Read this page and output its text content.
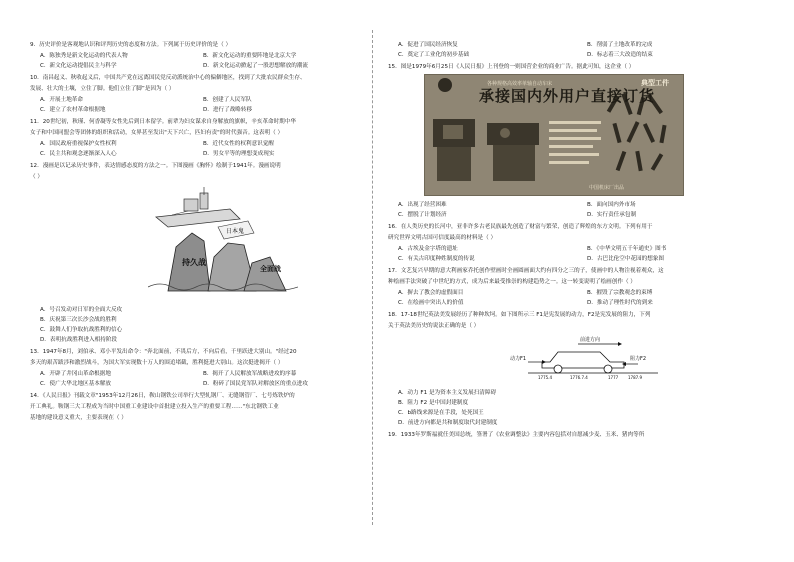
9．历史评价是客观地认识和评判历史的态度和方法。下列属于历史评价的是（ ）
A．陈独秀是新文化运动的代表人物	B．新文化运动的重要阵地是北京大学
C．新文化运动提倡民主与科学	D．新文化运动掀起了一股思想解放的潮流
10．南昌起义、秋收起义后，中国共产党在远离国民党反动派统治中心的偏僻地区，找到了大批农民群众生存、
发展、壮大的土壤，立住了脚。他们立住了脚”是因为（ ）
A．开展土地革命	B．创建了人民军队
C．建立了农村革命根据地	D．进行了战略转移
11．20世纪初，秋瑾、何香凝等女性先后到日本留学。前辈为妇女谋求自身解放的旗帜，辛亥革命时期中华
女子和中国同盟会等团体的组织和活动，女界甚至发出"天下兴亡，匹妇有责"的时代强音。这表明（ ）
A．国民政府重视保护女性权利	B．近代女性的权利意识觉醒
C．民主共和观念逐渐深入人心	D．男女平等的理想变成现实
12．漫画是以记录历史事件，表达情感态度的方法之一。下图漫画《胸怀》绘制于1941年。漫画说明
（ ）
日本鬼
持久战
全面战
A．号召发动对日军的全面大反攻
B．庆祝第三次长沙会战的胜利
C．鼓舞人们争取抗战胜利的信心
D．表明抗战胜利进入相持阶段
13．1947年8月，刘伯承、邓小平发出命令："奔北面前，不畏后方，不向后看，千里跃进大别山。"经过20
多天的艰苦跋涉和激烈战斗，为国大军实现数十万人的围追堵截，胜利挺进大别山。这次挺进揭开（ ）
A．开辟了井冈山革命根据地	B．揭开了人民解放军战略进攻的序幕
C．使广大华北地区基本解放	D．粉碎了国民党军队对解放区的重点进攻
14．《人民日报》刊载文章"1953年12月26日，鞍山钢铁公司举行大型轧钢厂、无缝钢管厂、七号炼铁炉的
开工典礼。鞍钢三大工程成为当时中国重工业建设中首批建立投入生产的重要工程……"东北钢铁工业
基地的建设意义重大，主要表现在（ ）
A．促进了国民经济恢复	B．削弱了土地改革的完成
C．奠定了工业化的初步基础	D．标志着三大改造的结束
15．图是1979年6月25日《人民日报》上刊登的一则国营企业的商业广告。据此可知，这企业（ ）
各种规格高效率单轴自动车床	典型工件
承接国内外用户直接订货
中国机床厂出品
A．出现了经营困难	B．面向国内外市场
C．摆脱了计划经济	D．实行责任承包制
16．在人类历史的长河中，亚非许多古老民族最先创造了财富与繁荣，创造了辉煌的东方文明。下列有用于
研究世界文明古国可信度最高的材料是（ ）
A．古埃及金字塔的遗址	B．《中华文明五千年通史》图书
C．有关古印度种姓制度的传说	D．古巴比伦空中花园的想象图
17．文艺复兴早期的意大利画家乔托创作壁画时全画圆画面大约有四分之三的子，使画中的人物注视着观众，这
种绘画手法突破了中世纪的方式，成为后来最受推崇的构建趋势之一。这一转变说明了绘画创作（ ）
A．摒去了教会的虚假面目	B．摧毁了宗教观念的束缚
C．在绘画中突出人的价值	D．推动了理性时代的到来
18．17-18世纪英法美发展经历了种种坎坷。如下图所示三 F1是宪发展的动力，F2是宪发展的阻力，下列
关于英法美历史的说法正确的是（ ）
前进方向
动力F1	阻力F2
1775.4	1776.7.4	1777 1787.9
A．动力 F1 是为资本主义发展扫清障碍
B．阻力 F2 是中国封建制度
C．b路线来源是在手段，处死国王
D．前进方向都是共和制度取代封建制度
19．1933年罗斯福就任美国总统，签署了《农业调整法》主要内容包括对自愿减少麦、玉米、猪肉等所
